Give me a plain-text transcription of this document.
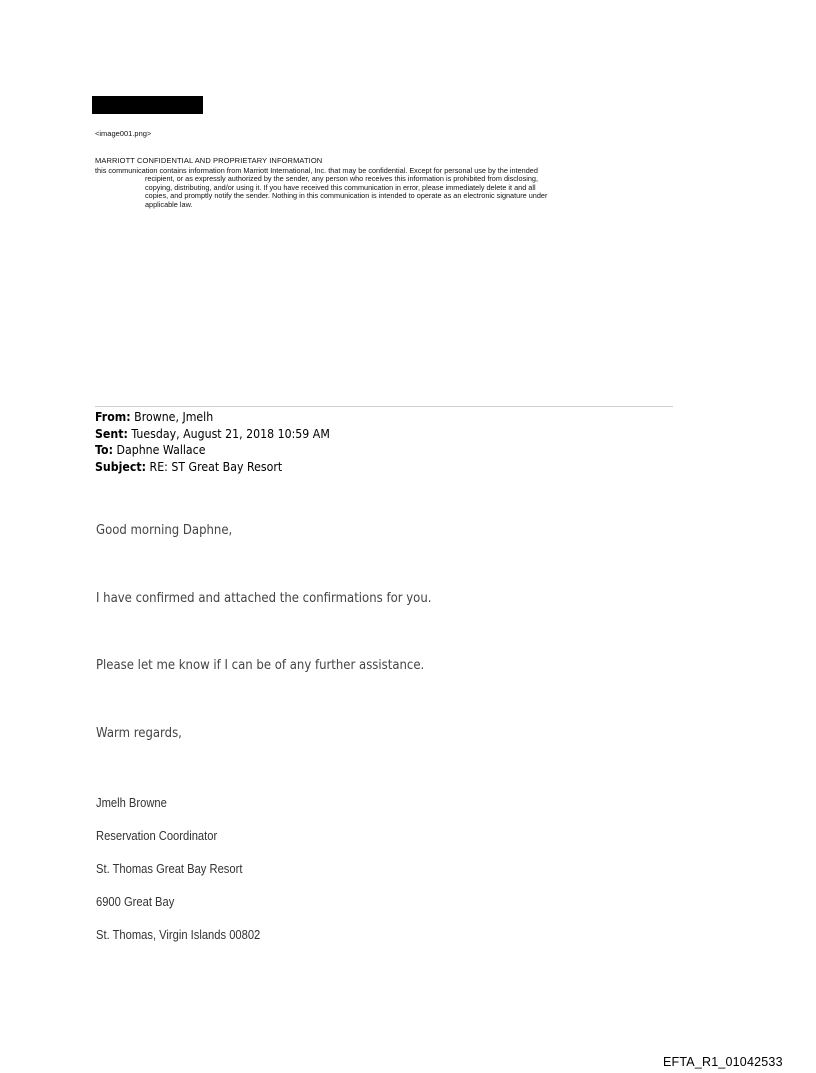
<image001.png>
MARRIOTT CONFIDENTIAL AND PROPRIETARY INFORMATION
this communication contains information from Marriott International, Inc. that may be confidential. Except for personal use by the intended
recipient, or as expressly authorized by the sender, any person who receives this information is prohibited from disclosing,
copying, distributing, and/or using it. If you have received this communication in error, please immediately delete it and all
copies, and promptly notify the sender. Nothing in this communication is intended to operate as an electronic signature under
applicable law.
From: Browne, Jmelh
Sent: Tuesday, August 21, 2018 10:59 AM
To: Daphne Wallace
Subject: RE: ST Great Bay Resort
Good morning Daphne,
I have confirmed and attached the confirmations for you.
Please let me know if I can be of any further assistance.
Warm regards,
Jmelh Browne
Reservation Coordinator
St. Thomas Great Bay Resort
6900 Great Bay
St. Thomas, Virgin Islands 00802
EFTA_R1_01042533
